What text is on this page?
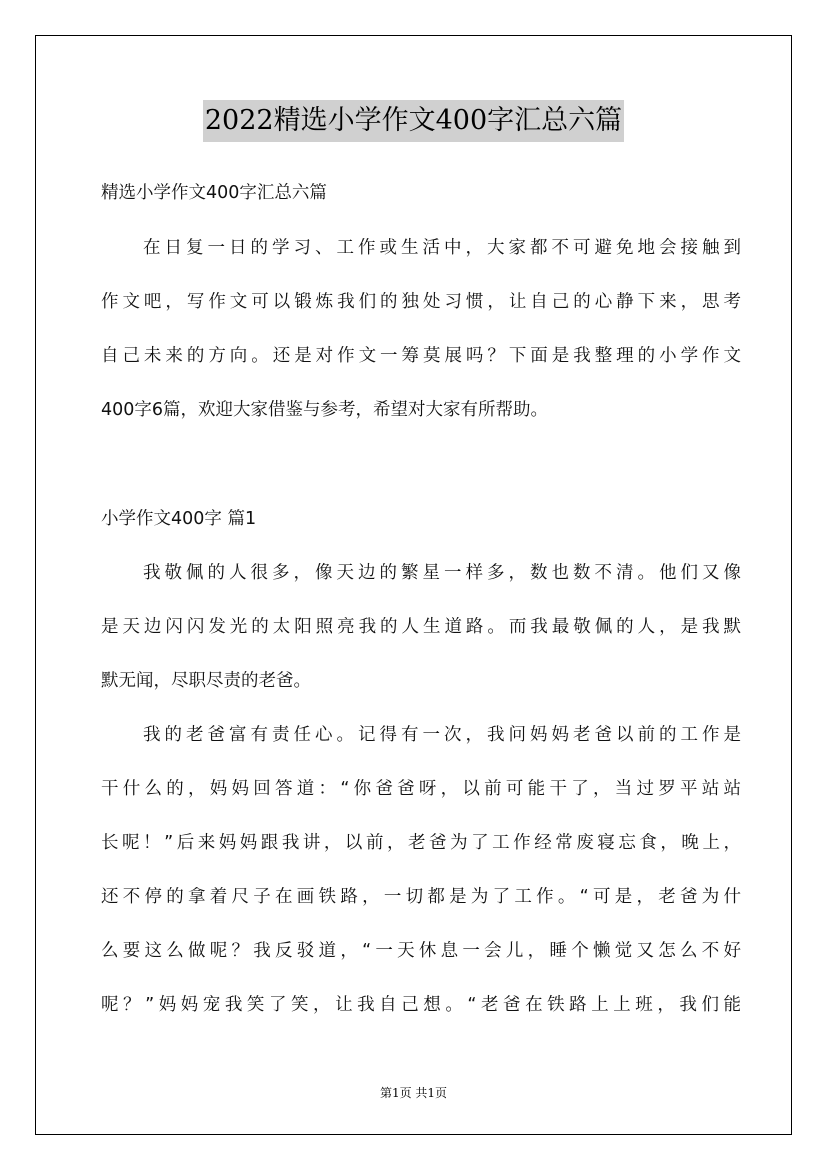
2022精选小学作文400字汇总六篇
精选小学作文400字汇总六篇
在日复一日的学习、工作或生活中，大家都不可避免地会接触到
作文吧，写作文可以锻炼我们的独处习惯，让自己的心静下来，思考
自己未来的方向。还是对作文一筹莫展吗？下面是我整理的小学作文
400字6篇，欢迎大家借鉴与参考，希望对大家有所帮助。
小学作文400字 篇1
我敬佩的人很多，像天边的繁星一样多，数也数不清。他们又像
是天边闪闪发光的太阳照亮我的人生道路。而我最敬佩的人，是我默
默无闻，尽职尽责的老爸。
我的老爸富有责任心。记得有一次，我问妈妈老爸以前的工作是
干什么的，妈妈回答道：“你爸爸呀，以前可能干了，当过罗平站站
长呢！”后来妈妈跟我讲，以前，老爸为了工作经常废寝忘食，晚上，
还不停的拿着尺子在画铁路，一切都是为了工作。“可是，老爸为什
么要这么做呢？我反驳道，“一天休息一会儿，睡个懒觉又怎么不好
呢？”妈妈宠我笑了笑，让我自己想。“老爸在铁路上上班，我们能
第1页 共1页
